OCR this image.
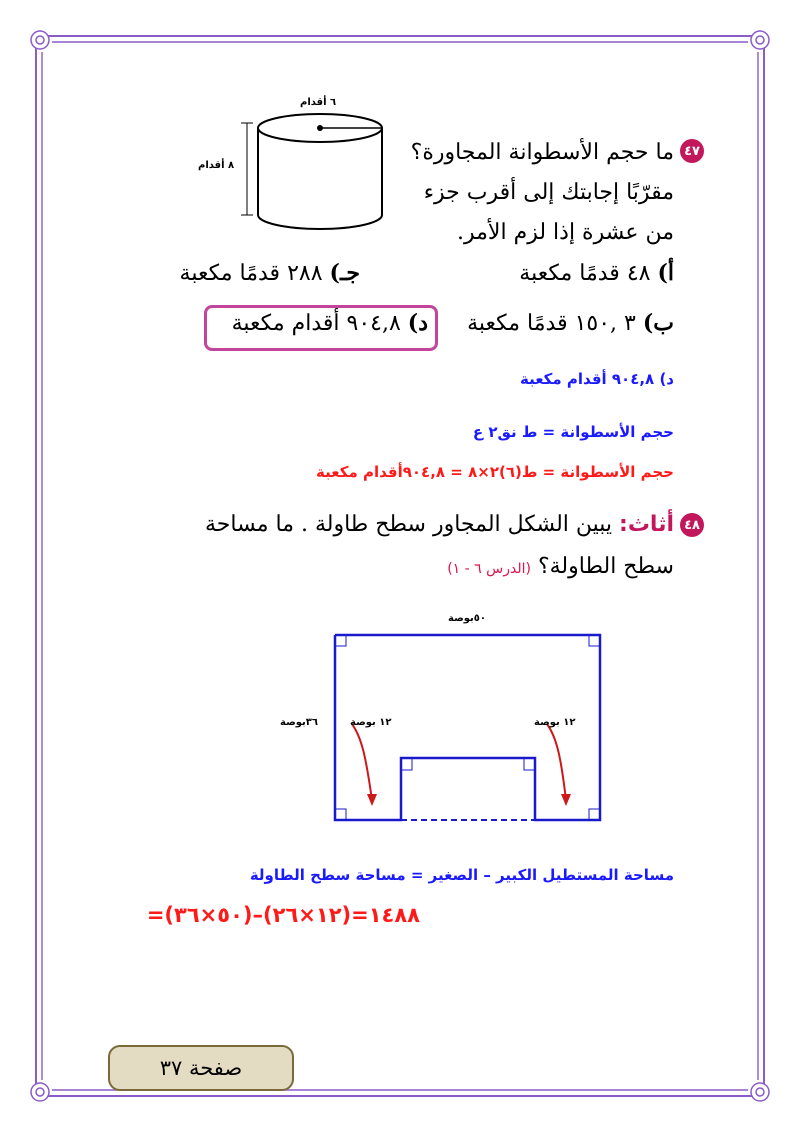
٤٧
ما حجم الأسطوانة المجاورة؟
مقرّبًا إجابتك إلى أقرب جزء
من عشرة إذا لزم الأمر.
٦ أقدام
٨ أقدام
أ) ٤٨ قدمًا مكعبة
جـ) ٢٨٨ قدمًا مكعبة
ب) ٣ ,١٥٠ قدمًا مكعبة
د) ٩٠٤,٨ أقدام مكعبة
د) ٩٠٤,٨ أقدام مكعبة
حجم الأسطوانة = ط نق٢ ع
حجم الأسطوانة = ط(٦)٢×٨ = ٩٠٤,٨أقدام مكعبة
٤٨
أثاث: يبين الشكل المجاور سطح طاولة . ما مساحة
سطح الطاولة؟ (الدرس ٦ - ١)
٥٠بوصة
٣٦بوصة	١٢ بوصة	١٢ بوصة
مساحة المستطيل الكبير – الصغير = مساحة سطح الطاولة
=(٥٠×٣٦)–(١٢×٢٦)=١٤٨٨
صفحة ٣٧
